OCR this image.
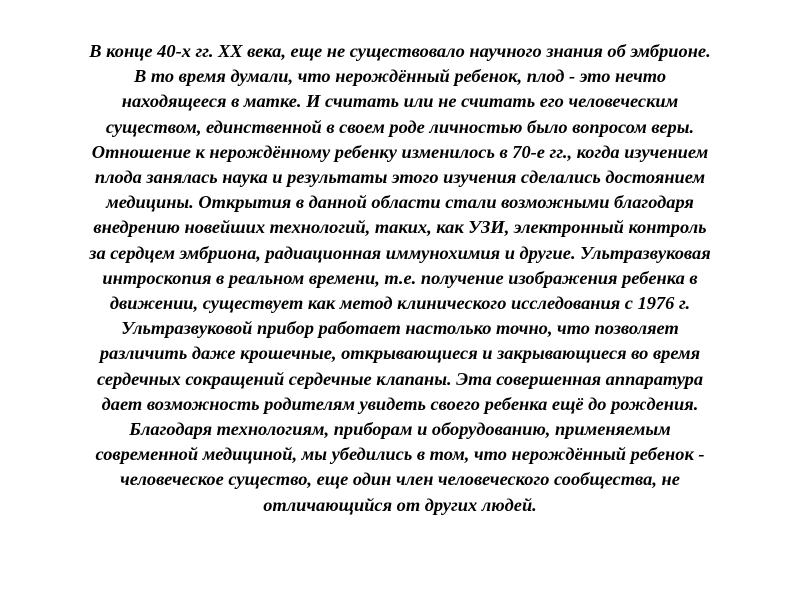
В конце 40-х гг. XX века, еще не существовало научного знания об эмбрионе.
В то время думали, что нерождённый ребенок, плод - это нечто
находящееся в матке. И считать или не считать его человеческим
существом, единственной в своем роде личностью было вопросом веры.
Отношение к нерождённому ребенку изменилось в 70-е гг., когда изучением
плода занялась наука и результаты этого изучения сделались достоянием
медицины. Открытия в данной области стали возможными благодаря
внедрению новейших технологий, таких, как УЗИ, электронный контроль
за сердцем эмбриона, радиационная иммунохимия и другие. Ультразвуковая
интроскопия в реальном времени, т.е. получение изображения ребенка в
движении, существует как метод клинического исследования с 1976 г.
Ультразвуковой прибор работает настолько точно, что позволяет
различить даже крошечные, открывающиеся и закрывающиеся во время
сердечных сокращений сердечные клапаны. Эта совершенная аппаратура
дает возможность родителям увидеть своего ребенка ещё до рождения.
Благодаря технологиям, приборам и оборудованию, применяемым
современной медициной, мы убедились в том, что нерождённый ребенок -
человеческое существо, еще один член человеческого сообщества, не
отличающийся от других людей.
